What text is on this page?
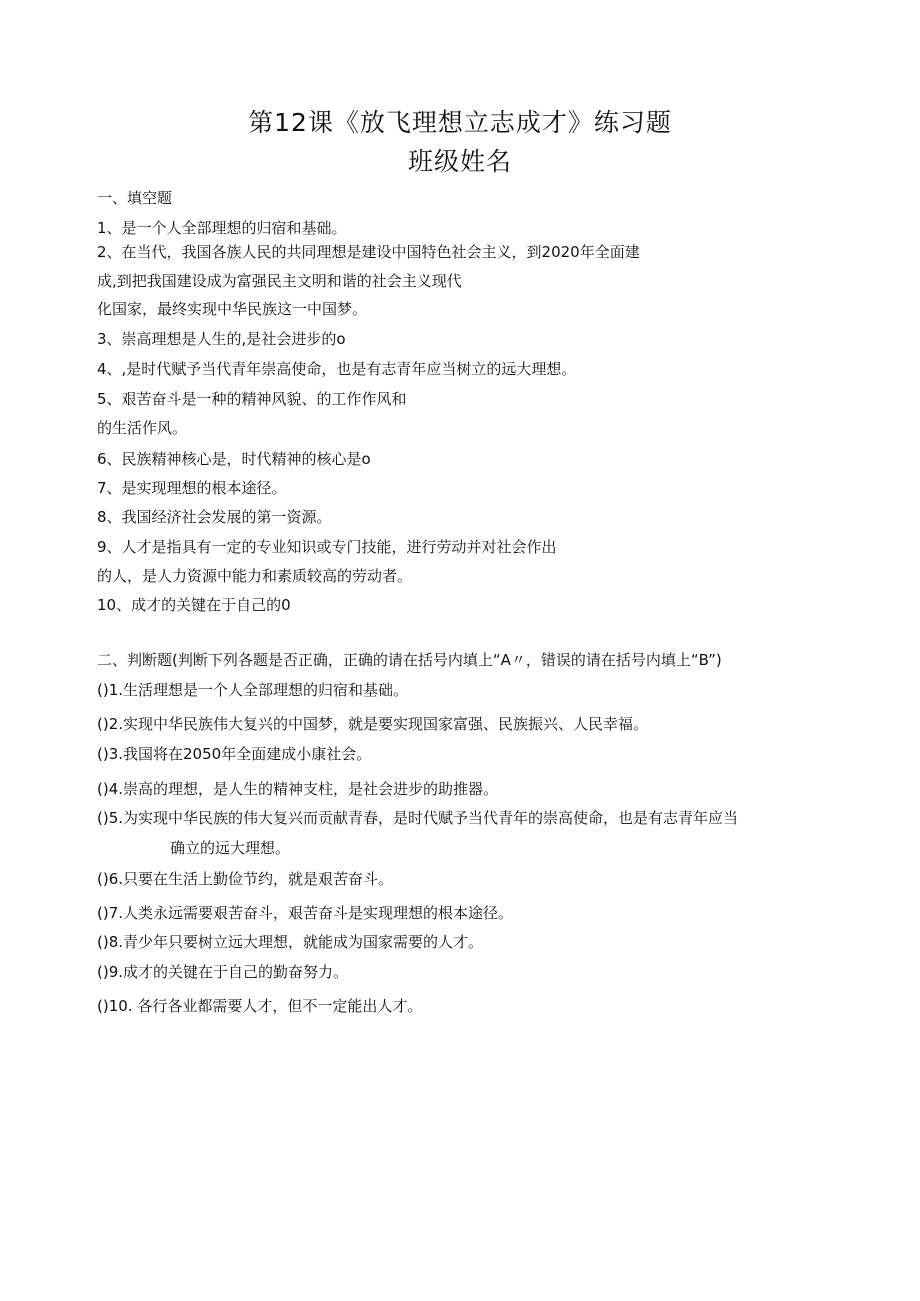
第12课《放飞理想立志成才》练习题
班级姓名

一、填空题

1、是一个人全部理想的归宿和基础。

2、在当代，我国各族人民的共同理想是建设中国特色社会主义，到2020年全面建

成,到把我国建设成为富强民主文明和谐的社会主义现代

化国家，最终实现中华民族这一中国梦。

3、崇高理想是人生的,是社会进步的o

4、,是时代赋予当代青年崇高使命，也是有志青年应当树立的远大理想。

5、艰苦奋斗是一种的精神风貌、的工作作风和

的生活作风。

6、民族精神核心是，时代精神的核心是o

7、是实现理想的根本途径。

8、我国经济社会发展的第一资源。

9、人才是指具有一定的专业知识或专门技能，进行劳动并对社会作出

的人，是人力资源中能力和素质较高的劳动者。

10、成才的关键在于自己的0

二、判断题(判断下列各题是否正确，正确的请在括号内填上“A〃，错误的请在括号内填上“B”)

()1.生活理想是一个人全部理想的归宿和基础。

()2.实现中华民族伟大复兴的中国梦，就是要实现国家富强、民族振兴、人民幸福。

()3.我国将在2050年全面建成小康社会。

()4.崇高的理想，是人生的精神支柱，是社会进步的助推器。

()5.为实现中华民族的伟大复兴而贡献青春，是时代赋予当代青年的崇高使命，也是有志青年应当

确立的远大理想。

()6.只要在生活上勤俭节约，就是艰苦奋斗。

()7.人类永远需要艰苦奋斗，艰苦奋斗是实现理想的根本途径。

()8.青少年只要树立远大理想，就能成为国家需要的人才。

()9.成才的关键在于自己的勤奋努力。

()10. 各行各业都需要人才，但不一定能出人才。
